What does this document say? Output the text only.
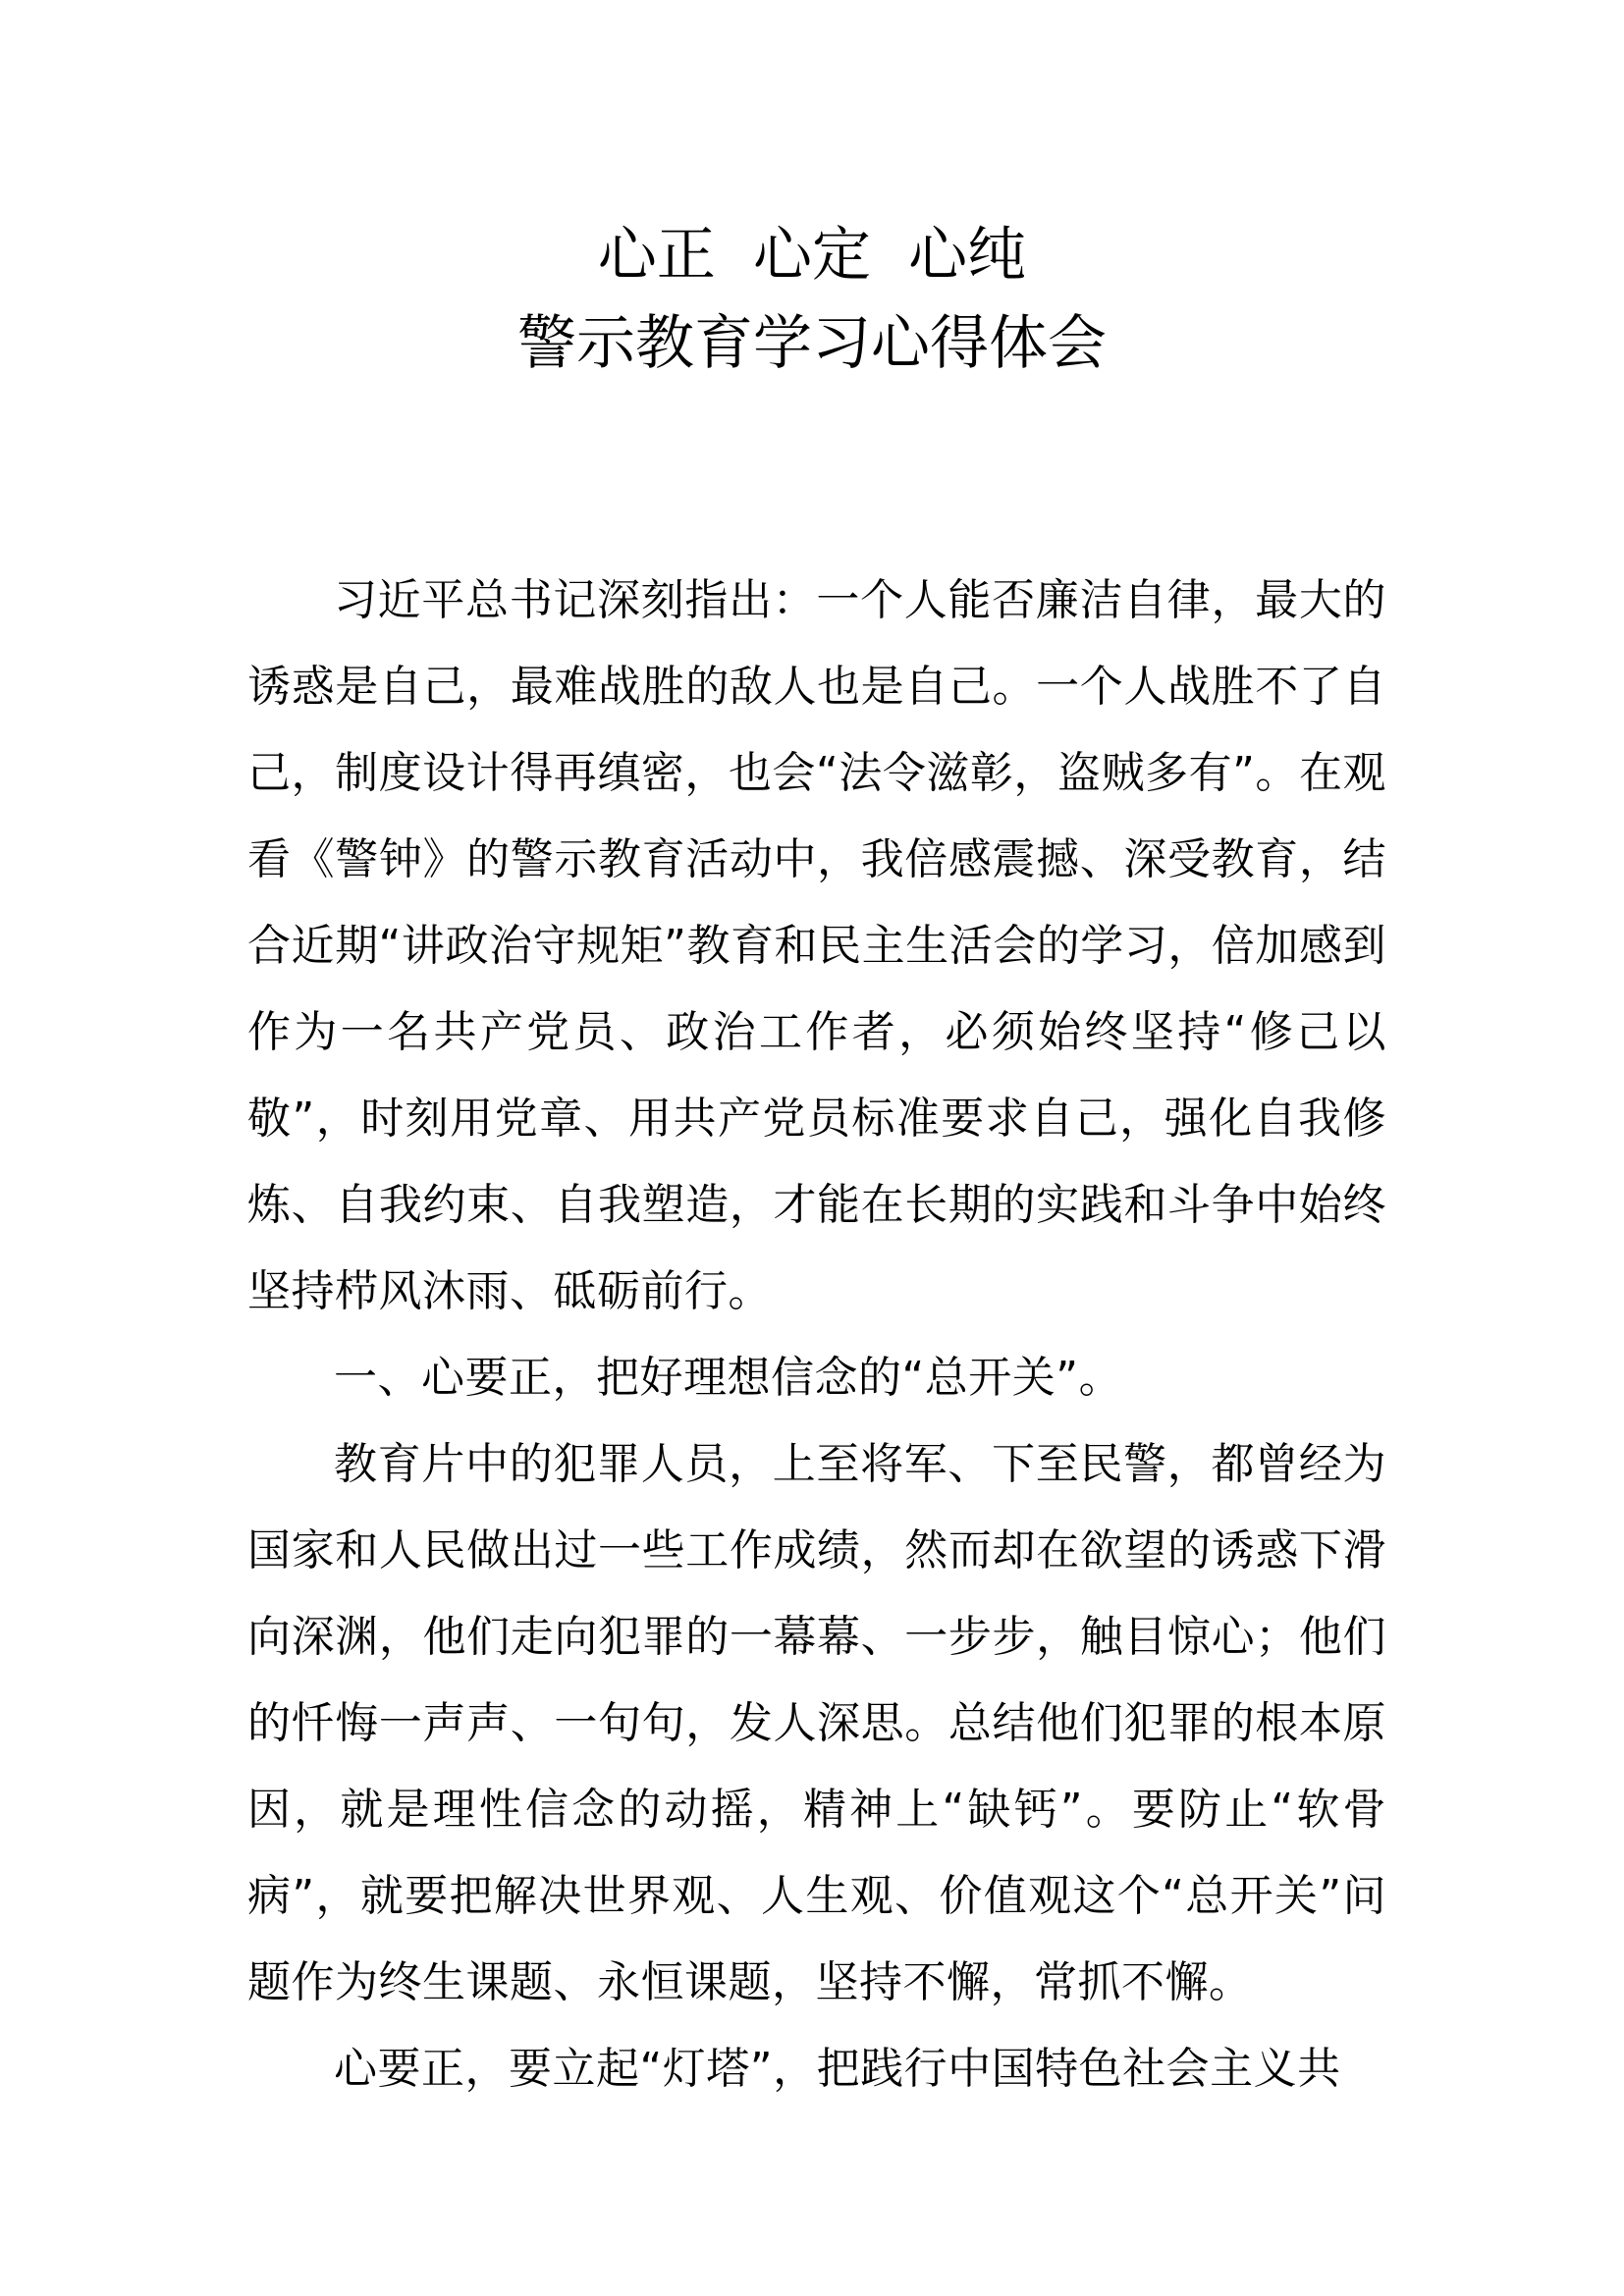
心正  心定  心纯
警示教育学习心得体会

习近平总书记深刻指出：一个人能否廉洁自律，最大的诱惑是自己，最难战胜的敌人也是自己。一个人战胜不了自己，制度设计得再缜密，也会“法令滋彰，盗贼多有”。在观看《警钟》的警示教育活动中，我倍感震撼、深受教育，结合近期“讲政治守规矩”教育和民主生活会的学习，倍加感到作为一名共产党员、政治工作者，必须始终坚持“修己以敬”，时刻用党章、用共产党员标准要求自己，强化自我修炼、自我约束、自我塑造，才能在长期的实践和斗争中始终坚持栉风沐雨、砥砺前行。

一、心要正，把好理想信念的“总开关”。

教育片中的犯罪人员，上至将军、下至民警，都曾经为国家和人民做出过一些工作成绩，然而却在欲望的诱惑下滑向深渊，他们走向犯罪的一幕幕、一步步，触目惊心；他们的忏悔一声声、一句句，发人深思。总结他们犯罪的根本原因，就是理性信念的动摇，精神上“缺钙”。要防止“软骨病”，就要把解决世界观、人生观、价值观这个“总开关”问题作为终生课题、永恒课题，坚持不懈，常抓不懈。

心要正，要立起“灯塔”，把践行中国特色社会主义共
